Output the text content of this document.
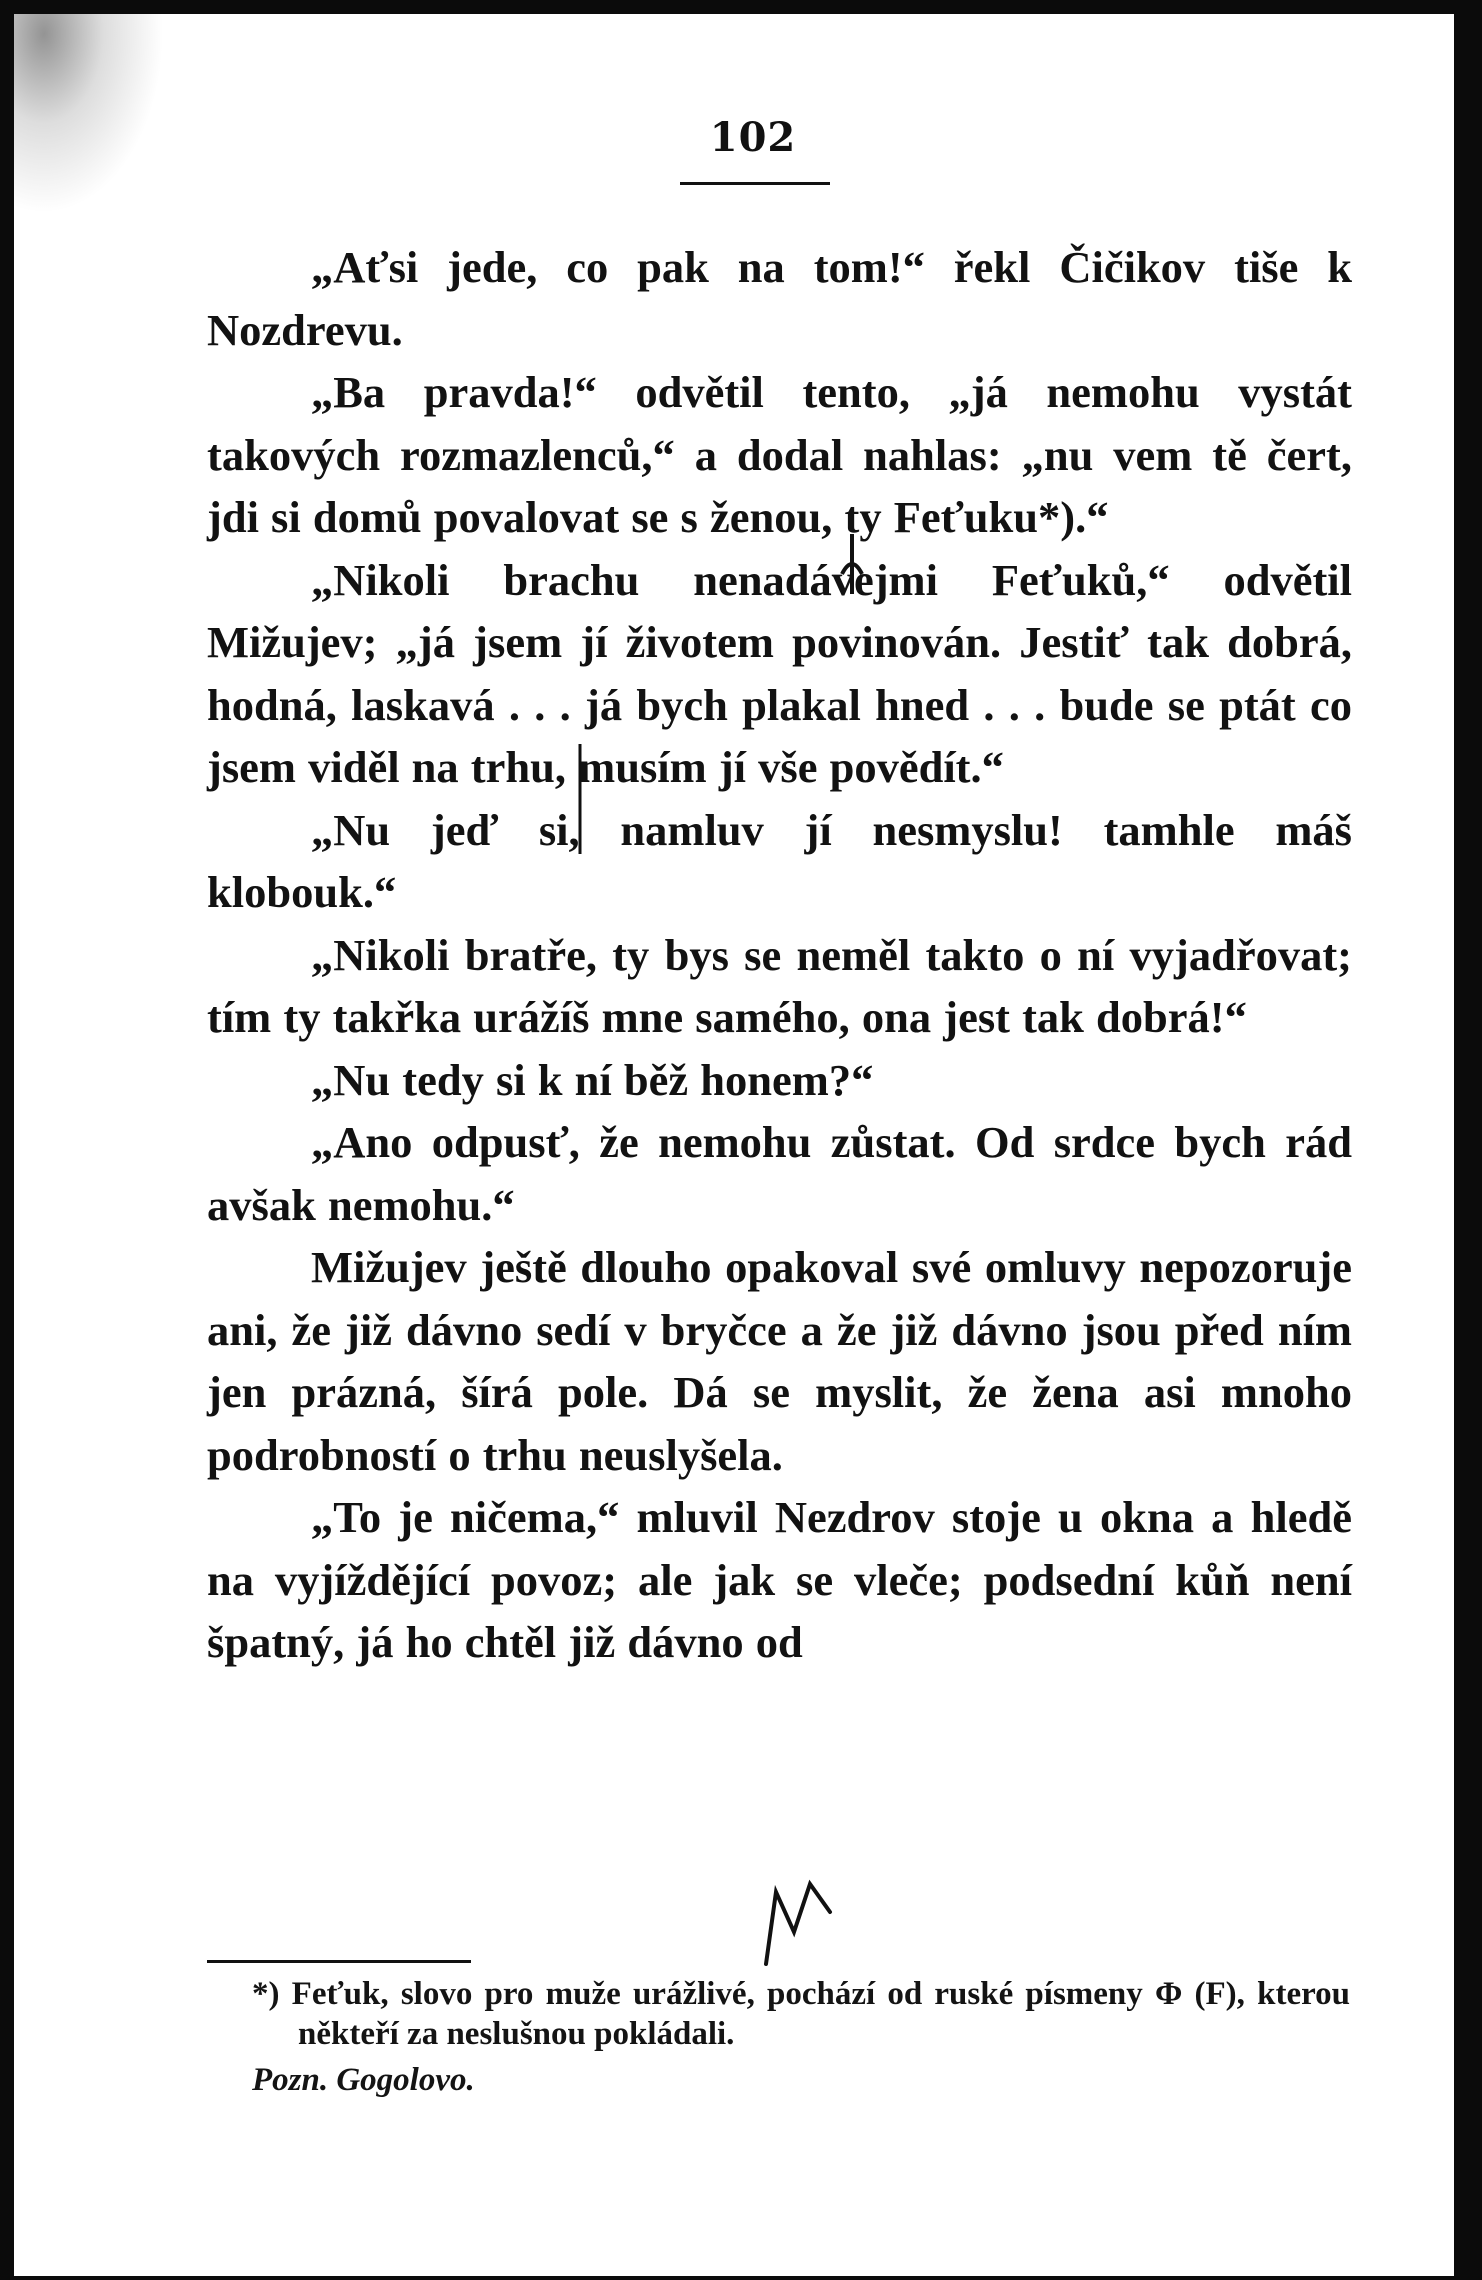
102

„Aťsi jede, co pak na tom!“ řekl Čičikov tiše k Nozdrevu.

„Ba pravda!“ odvětil tento, „já nemohu vystát takových rozmazlenců,“ a dodal nahlas: „nu vem tě čert, jdi si domů povalovat se s ženou, ty Feťuku*).“

„Nikoli brachu nenadávejmi Feťuků,“ odvětil Mižujev; „já jsem jí životem povinován. Jestiť tak dobrá, hodná, laskavá . . . já bych plakal hned . . . bude se ptát co jsem viděl na trhu, musím jí vše povědít.“

„Nu jeď si, namluv jí nesmyslu! tamhle máš klobouk.“

„Nikoli bratře, ty bys se neměl takto o ní vyjadřovat; tím ty takřka urážíš mne samého, ona jest tak dobrá!“

„Nu tedy si k ní běž honem?“

„Ano odpusť, že nemohu zůstat. Od srdce bych rád avšak nemohu.“

Mižujev ještě dlouho opakoval své omluvy nepozoruje ani, že již dávno sedí v bryčce a že již dávno jsou před ním jen prázná, šírá pole. Dá se myslit, že žena asi mnoho podrobností o trhu neuslyšela.

„To je ničema,“ mluvil Nezdrov stoje u okna a hledě na vyjíždějící povoz; ale jak se vleče; podsední kůň není špatný, já ho chtěl již dávno od

*) Feťuk, slovo pro muže urážlivé, pochází od ruské písmeny Φ (F), kterou někteří za neslušnou pokládali.

Pozn. Gogolovo.
